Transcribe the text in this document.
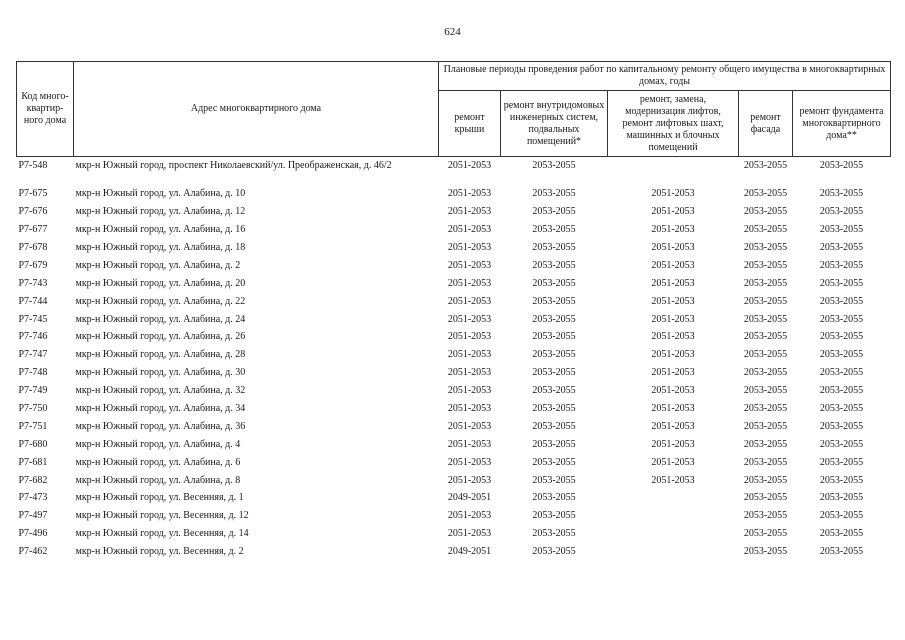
624
Код много-квартир-ного дома	Адрес многоквартирного дома	Плановые периоды проведения работ по капитальному ремонту общего имущества в многоквартирных домах, годы				
		ремонт крыши	ремонт внутридомовых инженерных систем, подвальных помещений*	ремонт, замена, модернизация лифтов, ремонт лифтовых шахт, машинных и блочных помещений	ремонт фасада	ремонт фундамента многоквартирного дома**
P7-548	мкр-н Южный город, проспект Николаевский/ул. Преображенская, д. 46/2	2051-2053	2053-2055		2053-2055	2053-2055

P7-675	мкр-н Южный город, ул. Алабина, д. 10	2051-2053	2053-2055	2051-2053	2053-2055	2053-2055
P7-676	мкр-н Южный город, ул. Алабина, д. 12	2051-2053	2053-2055	2051-2053	2053-2055	2053-2055
P7-677	мкр-н Южный город, ул. Алабина, д. 16	2051-2053	2053-2055	2051-2053	2053-2055	2053-2055
P7-678	мкр-н Южный город, ул. Алабина, д. 18	2051-2053	2053-2055	2051-2053	2053-2055	2053-2055
P7-679	мкр-н Южный город, ул. Алабина, д. 2	2051-2053	2053-2055	2051-2053	2053-2055	2053-2055
P7-743	мкр-н Южный город, ул. Алабина, д. 20	2051-2053	2053-2055	2051-2053	2053-2055	2053-2055
P7-744	мкр-н Южный город, ул. Алабина, д. 22	2051-2053	2053-2055	2051-2053	2053-2055	2053-2055
P7-745	мкр-н Южный город, ул. Алабина, д. 24	2051-2053	2053-2055	2051-2053	2053-2055	2053-2055
P7-746	мкр-н Южный город, ул. Алабина, д. 26	2051-2053	2053-2055	2051-2053	2053-2055	2053-2055
P7-747	мкр-н Южный город, ул. Алабина, д. 28	2051-2053	2053-2055	2051-2053	2053-2055	2053-2055
P7-748	мкр-н Южный город, ул. Алабина, д. 30	2051-2053	2053-2055	2051-2053	2053-2055	2053-2055
P7-749	мкр-н Южный город, ул. Алабина, д. 32	2051-2053	2053-2055	2051-2053	2053-2055	2053-2055
P7-750	мкр-н Южный город, ул. Алабина, д. 34	2051-2053	2053-2055	2051-2053	2053-2055	2053-2055
P7-751	мкр-н Южный город, ул. Алабина, д. 36	2051-2053	2053-2055	2051-2053	2053-2055	2053-2055
P7-680	мкр-н Южный город, ул. Алабина, д. 4	2051-2053	2053-2055	2051-2053	2053-2055	2053-2055
P7-681	мкр-н Южный город, ул. Алабина, д. 6	2051-2053	2053-2055	2051-2053	2053-2055	2053-2055
P7-682	мкр-н Южный город, ул. Алабина, д. 8	2051-2053	2053-2055	2051-2053	2053-2055	2053-2055
P7-473	мкр-н Южный город, ул. Весенняя, д. 1	2049-2051	2053-2055		2053-2055	2053-2055
P7-497	мкр-н Южный город, ул. Весенняя, д. 12	2051-2053	2053-2055		2053-2055	2053-2055
P7-496	мкр-н Южный город, ул. Весенняя, д. 14	2051-2053	2053-2055		2053-2055	2053-2055
P7-462	мкр-н Южный город, ул. Весенняя, д. 2	2049-2051	2053-2055		2053-2055	2053-2055
